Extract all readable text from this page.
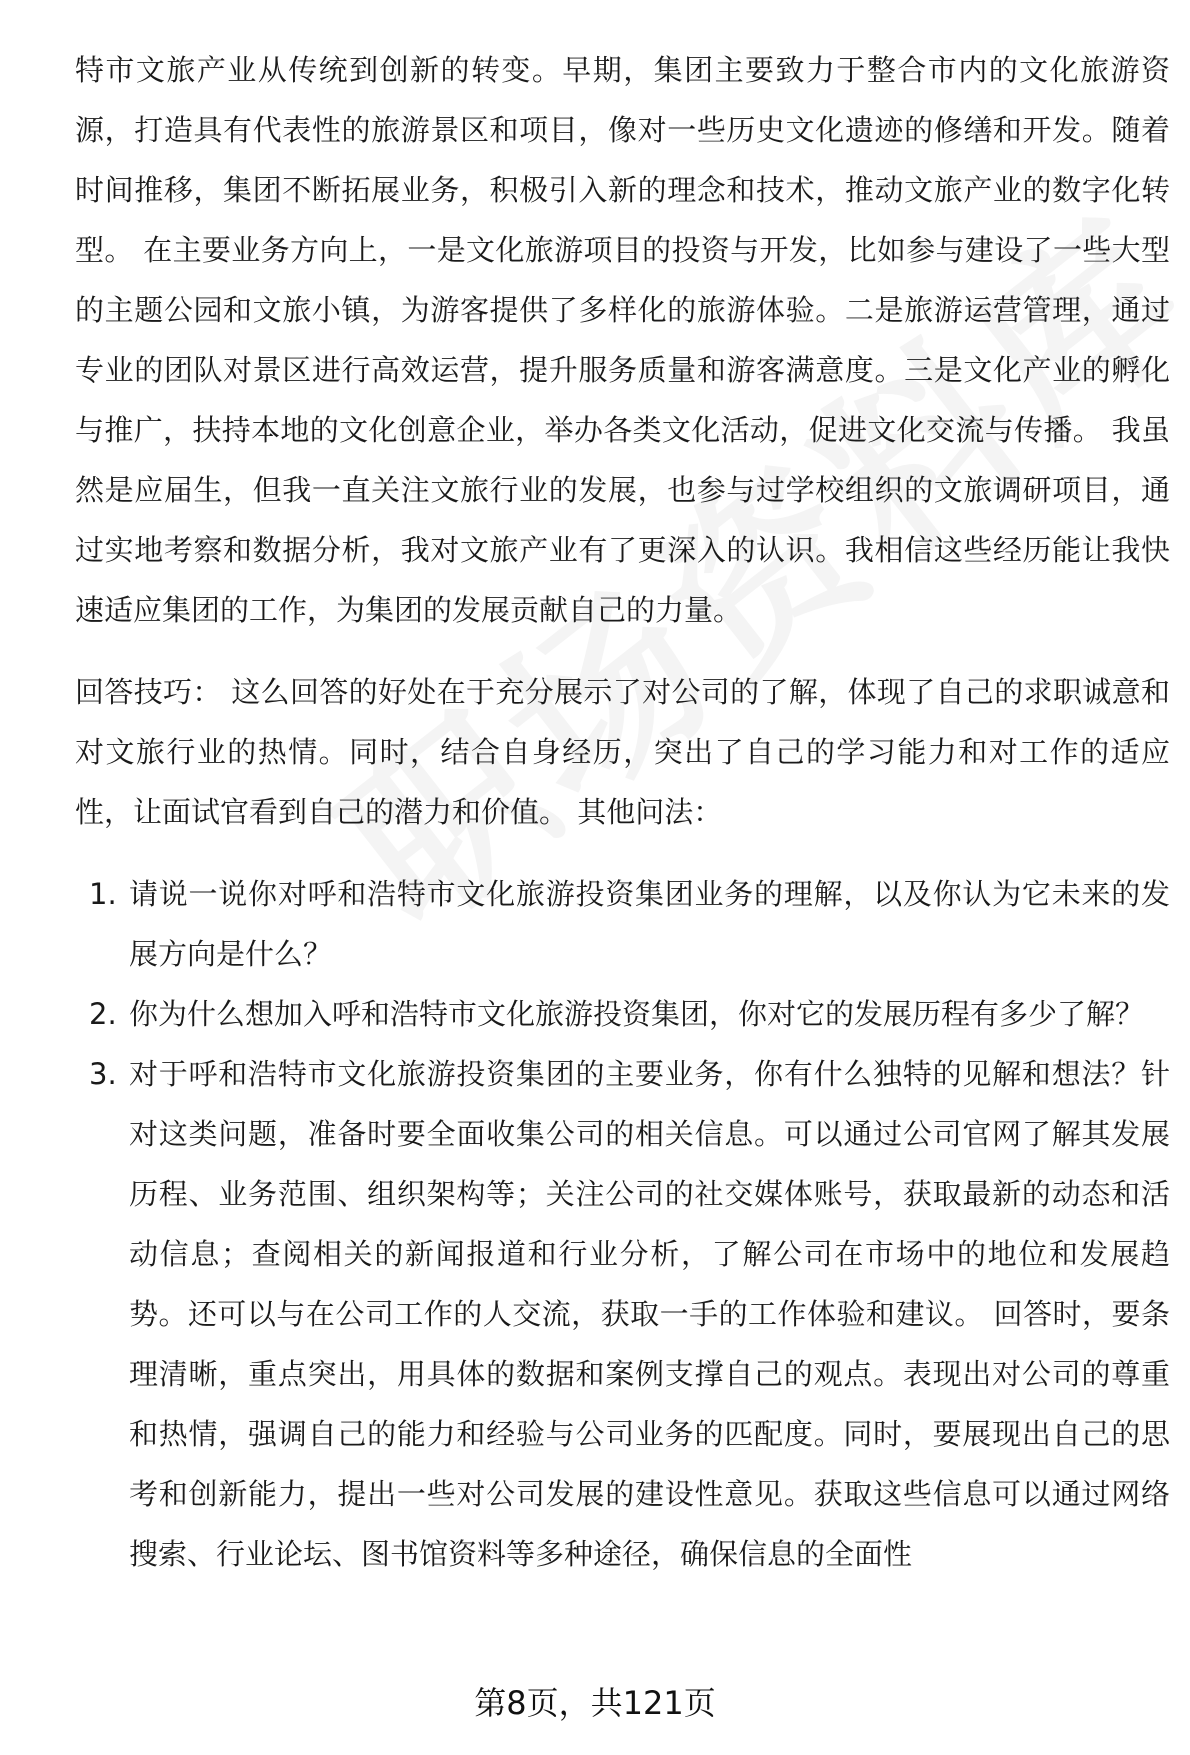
特市文旅产业从传统到创新的转变。早期，集团主要致力于整合市内的文化旅游资源，打造具有代表性的旅游景区和项目，像对一些历史文化遗迹的修缮和开发。随着时间推移，集团不断拓展业务，积极引入新的理念和技术，推动文旅产业的数字化转型。 在主要业务方向上，一是文化旅游项目的投资与开发，比如参与建设了一些大型的主题公园和文旅小镇，为游客提供了多样化的旅游体验。二是旅游运营管理，通过专业的团队对景区进行高效运营，提升服务质量和游客满意度。三是文化产业的孵化与推广，扶持本地的文化创意企业，举办各类文化活动，促进文化交流与传播。 我虽然是应届生，但我一直关注文旅行业的发展，也参与过学校组织的文旅调研项目，通过实地考察和数据分析，我对文旅产业有了更深入的认识。我相信这些经历能让我快速适应集团的工作，为集团的发展贡献自己的力量。

回答技巧： 这么回答的好处在于充分展示了对公司的了解，体现了自己的求职诚意和对文旅行业的热情。同时，结合自身经历，突出了自己的学习能力和对工作的适应性，让面试官看到自己的潜力和价值。 其他问法：

1. 请说一说你对呼和浩特市文化旅游投资集团业务的理解，以及你认为它未来的发展方向是什么？

2. 你为什么想加入呼和浩特市文化旅游投资集团，你对它的发展历程有多少了解？

3. 对于呼和浩特市文化旅游投资集团的主要业务，你有什么独特的见解和想法？针对这类问题，准备时要全面收集公司的相关信息。可以通过公司官网了解其发展历程、业务范围、组织架构等；关注公司的社交媒体账号，获取最新的动态和活动信息；查阅相关的新闻报道和行业分析，了解公司在市场中的地位和发展趋势。还可以与在公司工作的人交流，获取一手的工作体验和建议。 回答时，要条理清晰，重点突出，用具体的数据和案例支撑自己的观点。表现出对公司的尊重和热情，强调自己的能力和经验与公司业务的匹配度。同时，要展现出自己的思考和创新能力，提出一些对公司发展的建设性意见。获取这些信息可以通过网络搜索、行业论坛、图书馆资料等多种途径，确保信息的全面性

第8页，共121页
